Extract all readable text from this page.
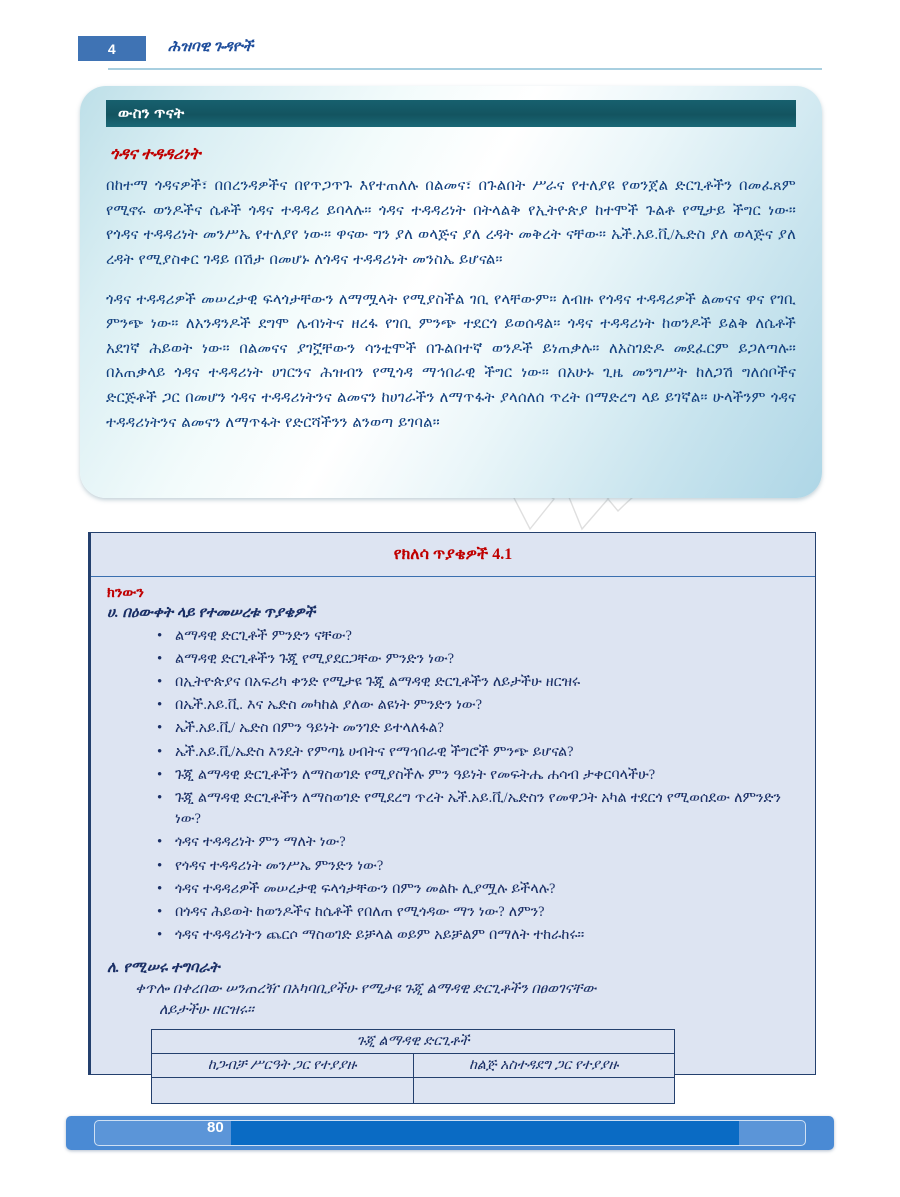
4	ሕዝባዊ ጉዳዮች
ውስን ጥናት
ጎዳና ተዳዳሪነት

በከተማ ጎዳናዎች፣ በበረንዳዎችና በየጥጋጥጉ እየተጠለሉ በልመና፣ በጉልበት ሥራና የተለያዩ የወንጀል ድርጊቶችን በመፈጸም የሚኖሩ ወንዶችና ሴቶች ጎዳና ተዳዳሪ ይባላሉ። ጎዳና ተዳዳሪነት በትላልቅ የኢትዮጵያ ከተሞች ጉልቶ የሚታይ ችግር ነው። የጎዳና ተዳዳሪነት መንሥኤ የተለያየ ነው። ዋናው ግን ያለ ወላጅና ያለ ረዳት መቅረት ናቸው። ኤች.አይ.ቪ/ኤድስ ያለ ወላጅና ያለ ረዳት የሚያስቀር ገዳይ በሽታ በመሆኑ ለጎዳና ተዳዳሪነት መንስኤ ይሆናል።

ጎዳና ተዳዳሪዎች መሠረታዊ ፍላጎታቸውን ለማሟላት የሚያስችል ገቢ የላቸውም። ለብዙ የጎዳና ተዳዳሪዎች ልመናና ዋና የገቢ ምንጭ ነው። ለአንዳንዶች ደግሞ ሌብነትና ዘረፋ የገቢ ምንጭ ተደርጎ ይወሰዳል። ጎዳና ተዳዳሪነት ከወንዶች ይልቅ ለሴቶች አደገኛ ሕይወት ነው። በልመናና ያገኟቸውን ሳንቲሞች በጉልበተኛ ወንዶች ይነጠቃሉ። ለአስገድዶ መደፈርም ይጋለጣሉ። በአጠቃላይ ጎዳና ተዳዳሪነት ሀገርንና ሕዝብን የሚጎዳ ማኅበራዊ ችግር ነው። በአሁኑ ጊዜ መንግሥት ከለጋሽ ግለሰቦችና ድርጅቶች ጋር በመሆን ጎዳና ተዳዳሪነትንና ልመናን ከሀገራችን ለማጥፋት ያላሰለሰ ጥረት በማድረግ ላይ ይገኛል። ሁላችንም ጎዳና ተዳዳሪነትንና ልመናን ለማጥፋት የድርሻችንን ልንወጣ ይገባል።

የክለሳ ጥያቄዎች 4.1
ክንውን
ሀ. በዕውቀት ላይ የተመሠረቱ ጥያቄዎች
• ልማዳዊ ድርጊቶች ምንድን ናቸው?
• ልማዳዊ ድርጊቶችን ጉጂ የሚያደርጋቸው ምንድን ነው?
• በኢትዮጵያና በአፍሪካ ቀንድ የሚታዩ ጉጂ ልማዳዊ ድርጊቶችን ለይታችሁ ዘርዝሩ
• በኤች.አይ.ቪ. እና ኤድስ መካከል ያለው ልዩነት ምንድን ነው?
• ኤች.አይ.ቪ/ ኤድስ በምን ዓይነት መንገድ ይተላለፋል?
• ኤች.አይ.ቪ/ኤድስ እንዴት የምጣኔ ሀብትና የማኅበራዊ ችግሮች ምንጭ ይሆናል?
• ጉጂ ልማዳዊ ድርጊቶችን ለማስወገድ የሚያስችሉ ምን ዓይነት የመፍትሔ ሐሳብ ታቀርባላችሁ?
• ጉጂ ልማዳዊ ድርጊቶችን ለማስወገድ የሚደረግ ጥረት ኤች.አይ.ቪ/ኤድስን የመዋጋት አካል ተደርጎ የሚወሰደው ለምንድን ነው?
• ጎዳና ተዳዳሪነት ምን ማለት ነው?
• የጎዳና ተዳዳሪነት መንሥኤ ምንድን ነው?
• ጎዳና ተዳዳሪዎች መሠረታዊ ፍላጎታቸውን በምን መልኩ ሊያሟሉ ይችላሉ?
• በጎዳና ሕይወት ከወንዶችና ከሴቶች የበለጠ የሚጎዳው ማን ነው? ለምን?
• ጎዳና ተዳዳሪነትን ጨርሶ ማስወገድ ይቻላል ወይም አይቻልም በማለት ተከራከሩ።
ለ. የሚሠሩ ተግባራት
ቀጥሎ በቀረበው ሠንጠረዥ በአካባቢያችሁ የሚታዩ ጉጂ ልማዳዊ ድርጊቶችን በፀወገናቸው
ለይታችሁ ዘርዝሩ።
ጉጂ ልማዳዊ ድርጊቶች	
ከጋብቻ ሥርዓት ጋር የተያያዙ	ከልጅ አስተዳደግ ጋር የተያያዙ

80
